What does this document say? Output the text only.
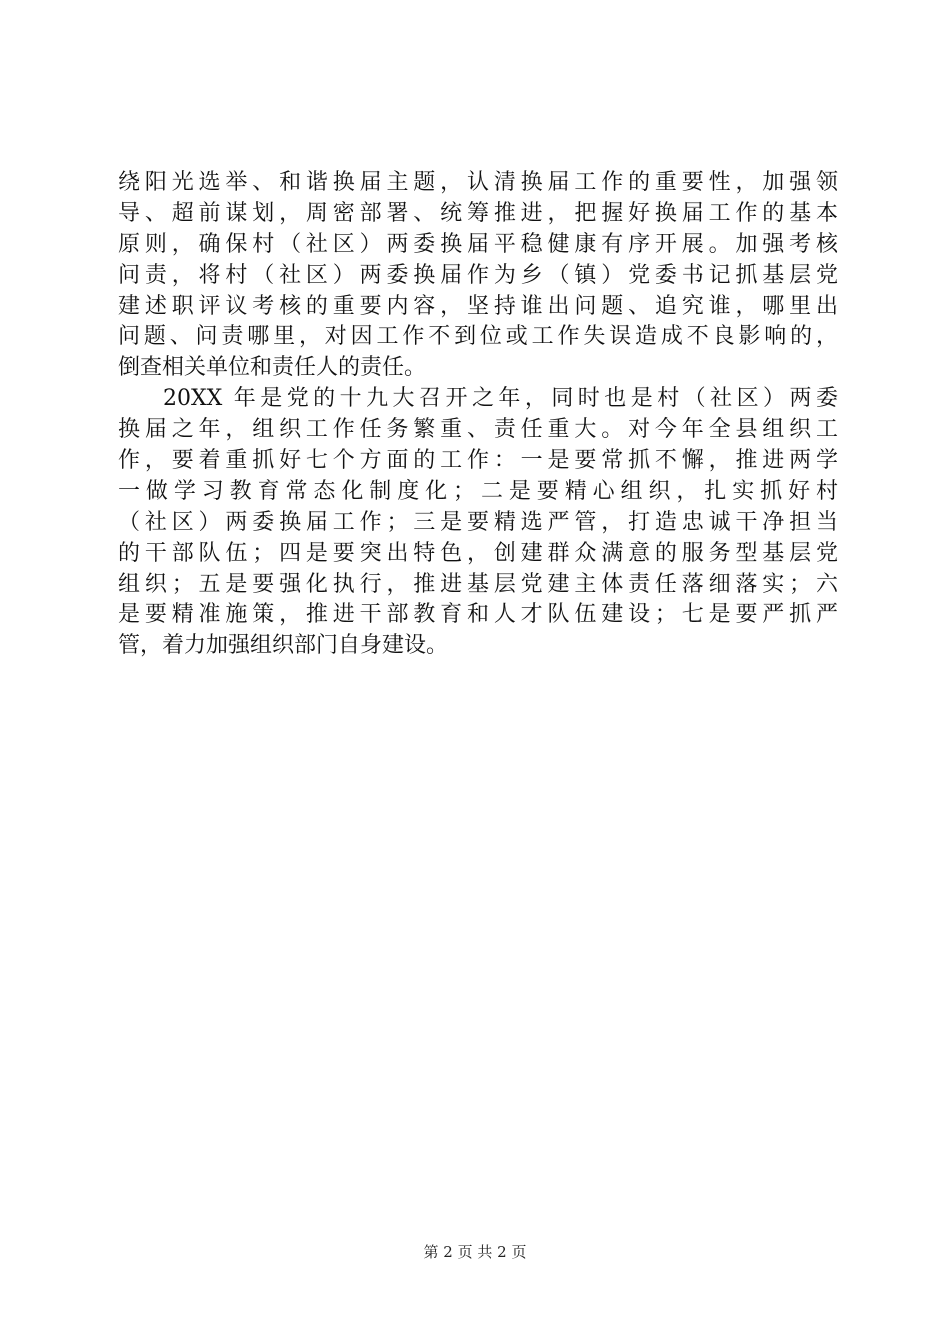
绕阳光选举、和谐换届主题，认清换届工作的重要性，加强领
导、超前谋划，周密部署、统筹推进，把握好换届工作的基本
原则，确保村（社区）两委换届平稳健康有序开展。加强考核
问责，将村（社区）两委换届作为乡（镇）党委书记抓基层党
建述职评议考核的重要内容，坚持谁出问题、追究谁，哪里出
问题、问责哪里，对因工作不到位或工作失误造成不良影响的，
倒查相关单位和责任人的责任。
20XX 年是党的十九大召开之年，同时也是村（社区）两委
换届之年，组织工作任务繁重、责任重大。对今年全县组织工
作，要着重抓好七个方面的工作：一是要常抓不懈，推进两学
一做学习教育常态化制度化；二是要精心组织，扎实抓好村
（社区）两委换届工作；三是要精选严管，打造忠诚干净担当
的干部队伍；四是要突出特色，创建群众满意的服务型基层党
组织；五是要强化执行，推进基层党建主体责任落细落实；六
是要精准施策，推进干部教育和人才队伍建设；七是要严抓严
管，着力加强组织部门自身建设。
第 2 页 共 2 页
